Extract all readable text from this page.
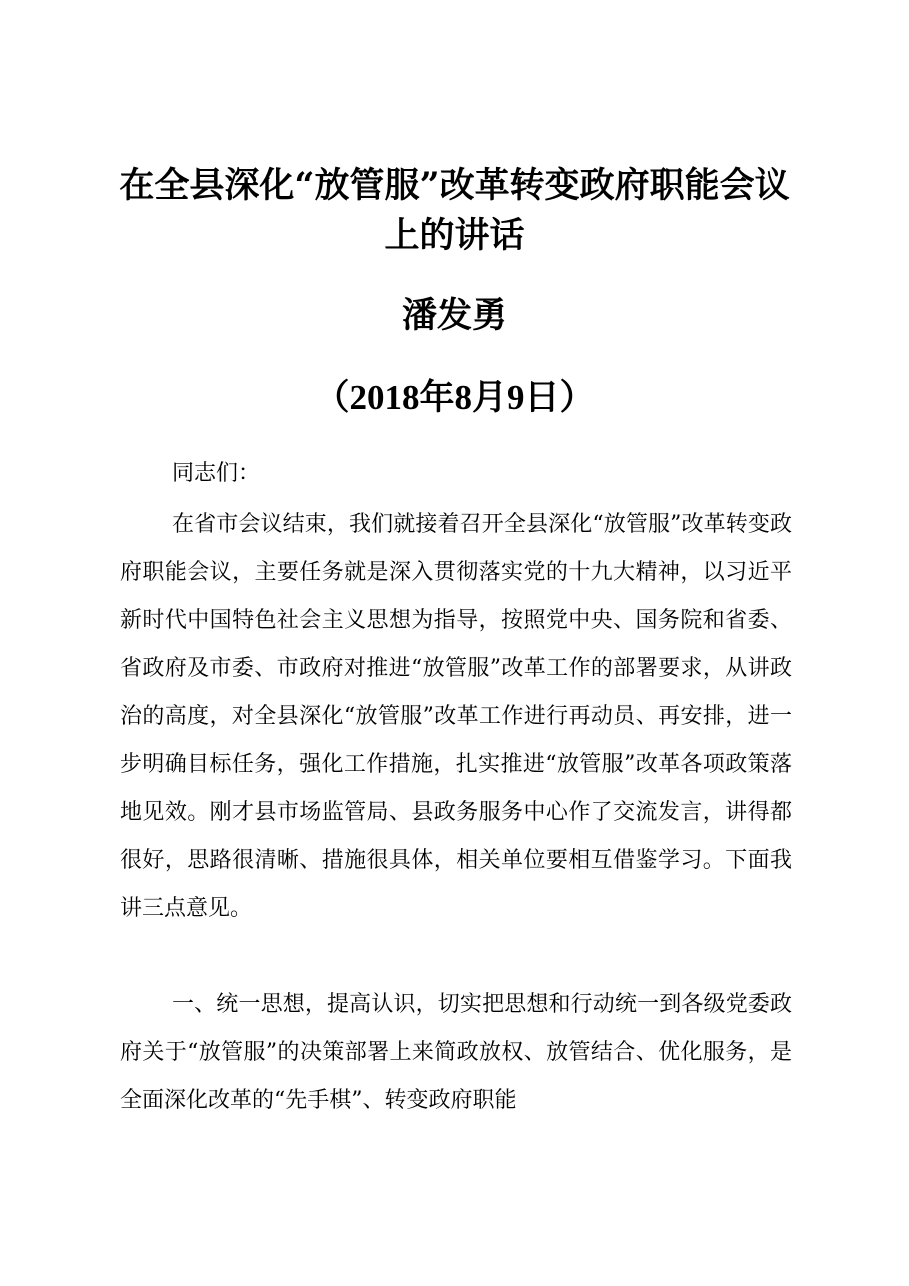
在全县深化“放管服”改革转变政府职能会议
上的讲话
潘发勇
（2018年8月9日）

同志们：

在省市会议结束，我们就接着召开全县深化“放管服”改革转变政府职能会议，主要任务就是深入贯彻落实党的十九大精神，以习近平新时代中国特色社会主义思想为指导，按照党中央、国务院和省委、省政府及市委、市政府对推进“放管服”改革工作的部署要求，从讲政治的高度，对全县深化“放管服”改革工作进行再动员、再安排，进一步明确目标任务，强化工作措施，扎实推进“放管服”改革各项政策落地见效。刚才县市场监管局、县政务服务中心作了交流发言，讲得都很好，思路很清晰、措施很具体，相关单位要相互借鉴学习。下面我讲三点意见。

一、统一思想，提高认识，切实把思想和行动统一到各级党委政府关于“放管服”的决策部署上来简政放权、放管结合、优化服务，是全面深化改革的“先手棋”、转变政府职能
